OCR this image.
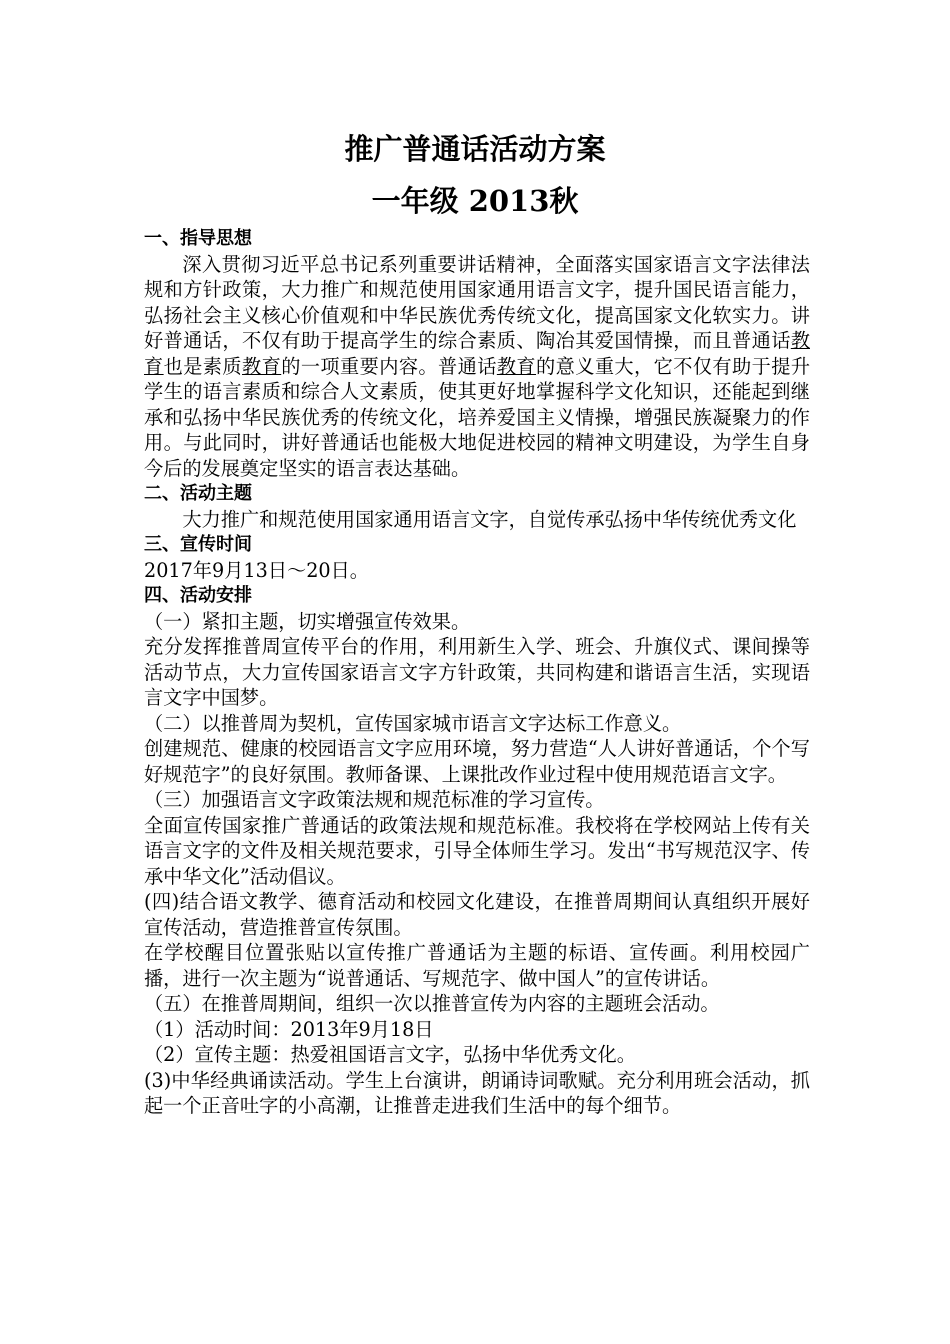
推广普通话活动方案
一年级 2013秋

一、指导思想

深入贯彻习近平总书记系列重要讲话精神，全面落实国家语言文字法律法规和方针政策，大力推广和规范使用国家通用语言文字，提升国民语言能力，弘扬社会主义核心价值观和中华民族优秀传统文化，提高国家文化软实力。讲好普通话，不仅有助于提高学生的综合素质、陶冶其爱国情操，而且普通话教育也是素质教育的一项重要内容。普通话教育的意义重大，它不仅有助于提升学生的语言素质和综合人文素质，使其更好地掌握科学文化知识，还能起到继承和弘扬中华民族优秀的传统文化，培养爱国主义情操，增强民族凝聚力的作用。与此同时，讲好普通话也能极大地促进校园的精神文明建设，为学生自身今后的发展奠定坚实的语言表达基础。

二、活动主题

大力推广和规范使用国家通用语言文字，自觉传承弘扬中华传统优秀文化

三、宣传时间

2017年9月13日～20日。

四、活动安排

（一）紧扣主题，切实增强宣传效果。

充分发挥推普周宣传平台的作用，利用新生入学、班会、升旗仪式、课间操等活动节点，大力宣传国家语言文字方针政策，共同构建和谐语言生活，实现语言文字中国梦。

（二）以推普周为契机，宣传国家城市语言文字达标工作意义。

创建规范、健康的校园语言文字应用环境，努力营造“人人讲好普通话，个个写好规范字”的良好氛围。教师备课、上课批改作业过程中使用规范语言文字。

（三）加强语言文字政策法规和规范标准的学习宣传。

全面宣传国家推广普通话的政策法规和规范标准。我校将在学校网站上传有关语言文字的文件及相关规范要求，引导全体师生学习。发出“书写规范汉字、传承中华文化”活动倡议。

(四)结合语文教学、德育活动和校园文化建设，在推普周期间认真组织开展好宣传活动，营造推普宣传氛围。

在学校醒目位置张贴以宣传推广普通话为主题的标语、宣传画。利用校园广播，进行一次主题为“说普通话、写规范字、做中国人”的宣传讲话。

（五）在推普周期间，组织一次以推普宣传为内容的主题班会活动。

（1）活动时间：2013年9月18日

（2）宣传主题：热爱祖国语言文字，弘扬中华优秀文化。

(3)中华经典诵读活动。学生上台演讲，朗诵诗词歌赋。充分利用班会活动，抓起一个正音吐字的小高潮，让推普走进我们生活中的每个细节。
